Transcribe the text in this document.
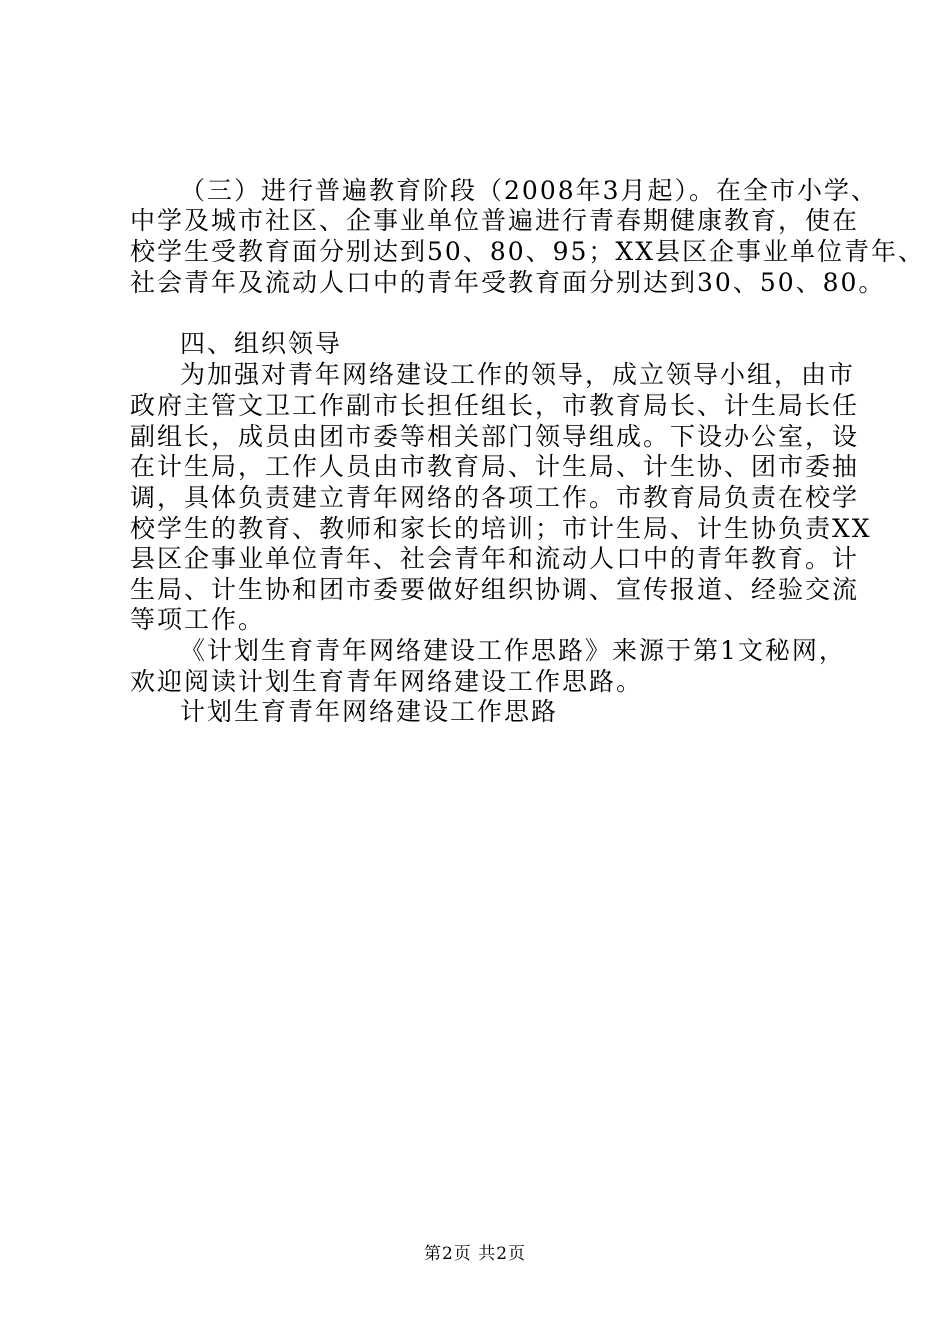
（三）进行普遍教育阶段（2008年3月起）。在全市小学、
中学及城市社区、企事业单位普遍进行青春期健康教育，使在
校学生受教育面分别达到50、80、95；XX县区企事业单位青年、
社会青年及流动人口中的青年受教育面分别达到30、50、80。
四、组织领导
为加强对青年网络建设工作的领导，成立领导小组，由市
政府主管文卫工作副市长担任组长，市教育局长、计生局长任
副组长，成员由团市委等相关部门领导组成。下设办公室，设
在计生局，工作人员由市教育局、计生局、计生协、团市委抽
调，具体负责建立青年网络的各项工作。市教育局负责在校学
校学生的教育、教师和家长的培训；市计生局、计生协负责XX
县区企事业单位青年、社会青年和流动人口中的青年教育。计
生局、计生协和团市委要做好组织协调、宣传报道、经验交流
等项工作。
《计划生育青年网络建设工作思路》来源于第1文秘网，
欢迎阅读计划生育青年网络建设工作思路。
计划生育青年网络建设工作思路
第2页 共2页
